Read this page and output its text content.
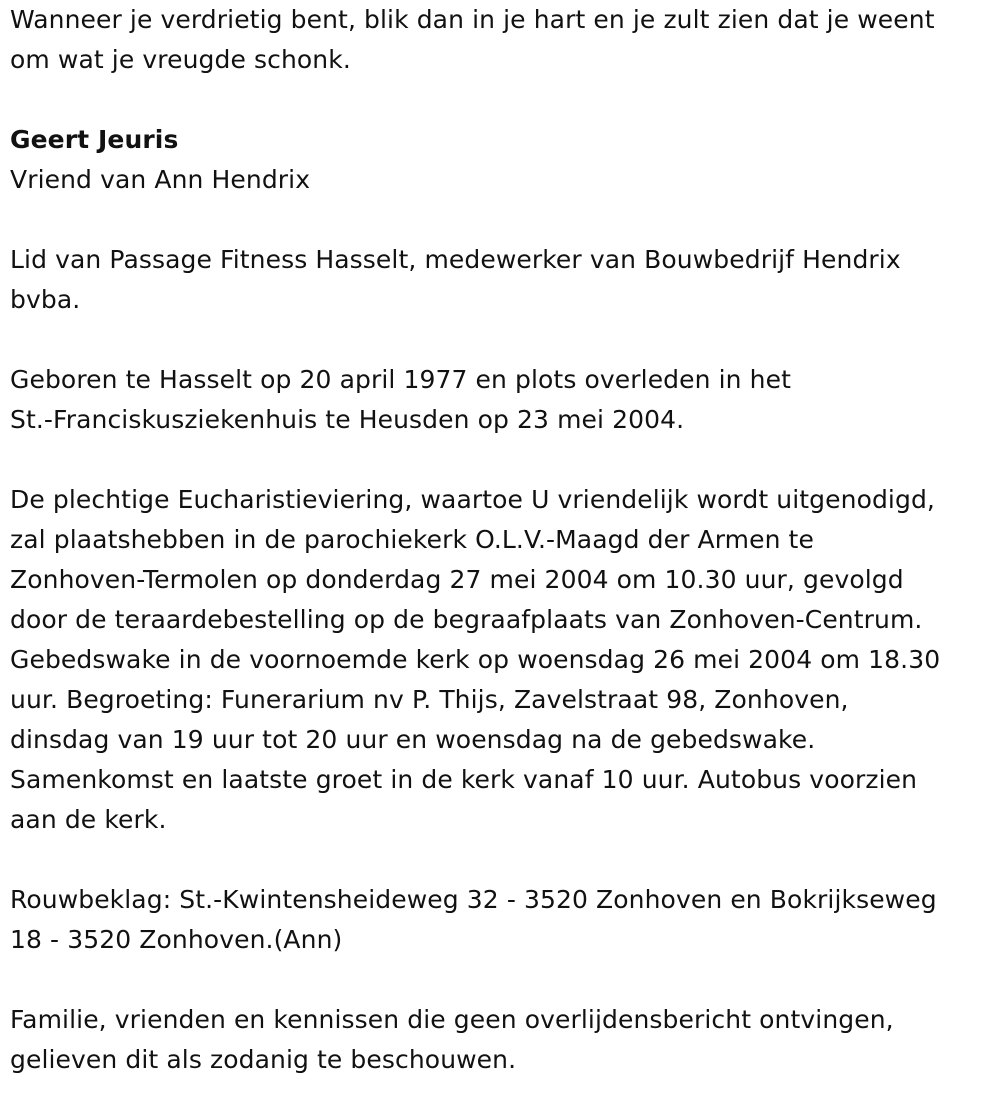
Wanneer je verdrietig bent, blik dan in je hart en je zult zien dat je weent
om wat je vreugde schonk.
Geert Jeuris
Vriend van Ann Hendrix
Lid van Passage Fitness Hasselt, medewerker van Bouwbedrijf Hendrix
bvba.
Geboren te Hasselt op 20 april 1977 en plots overleden in het
St.-Franciskusziekenhuis te Heusden op 23 mei 2004.
De plechtige Eucharistieviering, waartoe U vriendelijk wordt uitgenodigd,
zal plaatshebben in de parochiekerk O.L.V.-Maagd der Armen te
Zonhoven-Termolen op donderdag 27 mei 2004 om 10.30 uur, gevolgd
door de teraardebestelling op de begraafplaats van Zonhoven-Centrum.
Gebedswake in de voornoemde kerk op woensdag 26 mei 2004 om 18.30
uur. Begroeting: Funerarium nv P. Thijs, Zavelstraat 98, Zonhoven,
dinsdag van 19 uur tot 20 uur en woensdag na de gebedswake.
Samenkomst en laatste groet in de kerk vanaf 10 uur. Autobus voorzien
aan de kerk.
Rouwbeklag: St.-Kwintensheideweg 32 - 3520 Zonhoven en Bokrijkseweg
18 - 3520 Zonhoven.(Ann)
Familie, vrienden en kennissen die geen overlijdensbericht ontvingen,
gelieven dit als zodanig te beschouwen.
